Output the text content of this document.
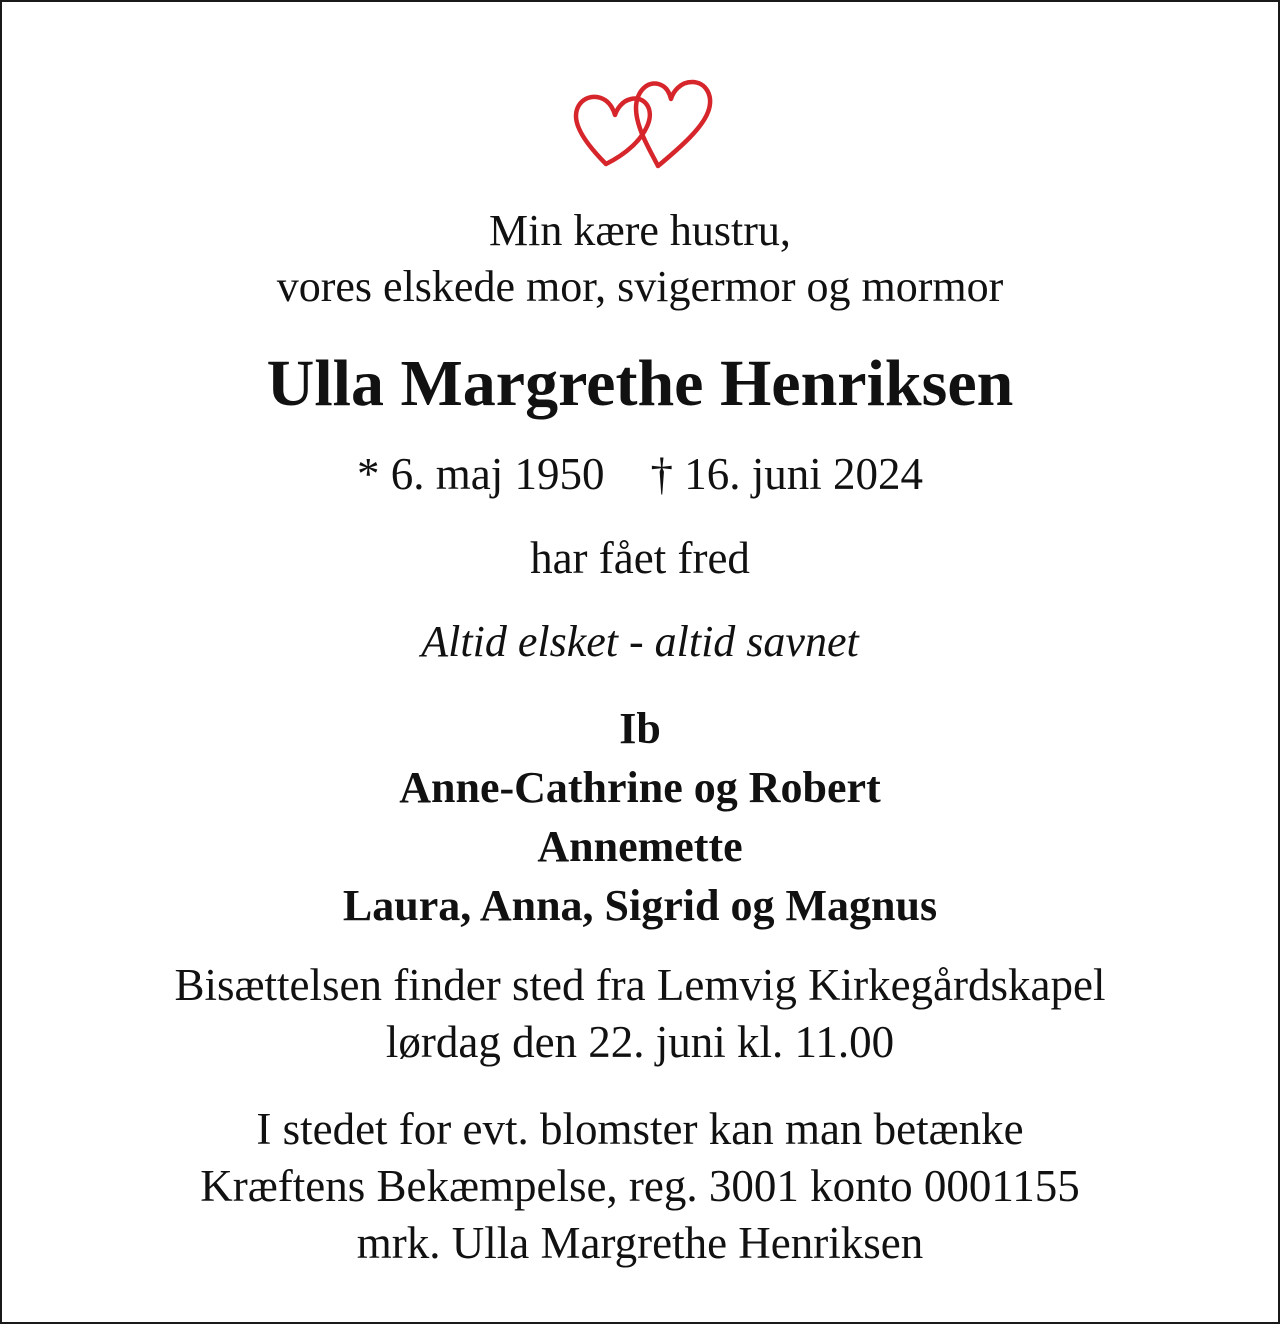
Min kære hustru,
vores elskede mor, svigermor og mormor
Ulla Margrethe Henriksen
* 6. maj 1950 † 16. juni 2024
har fået fred
Altid elsket - altid savnet
Ib
Anne-Cathrine og Robert
Annemette
Laura, Anna, Sigrid og Magnus
Bisættelsen finder sted fra Lemvig Kirkegårdskapel
lørdag den 22. juni kl. 11.00
I stedet for evt. blomster kan man betænke
Kræftens Bekæmpelse, reg. 3001 konto 0001155
mrk. Ulla Margrethe Henriksen
